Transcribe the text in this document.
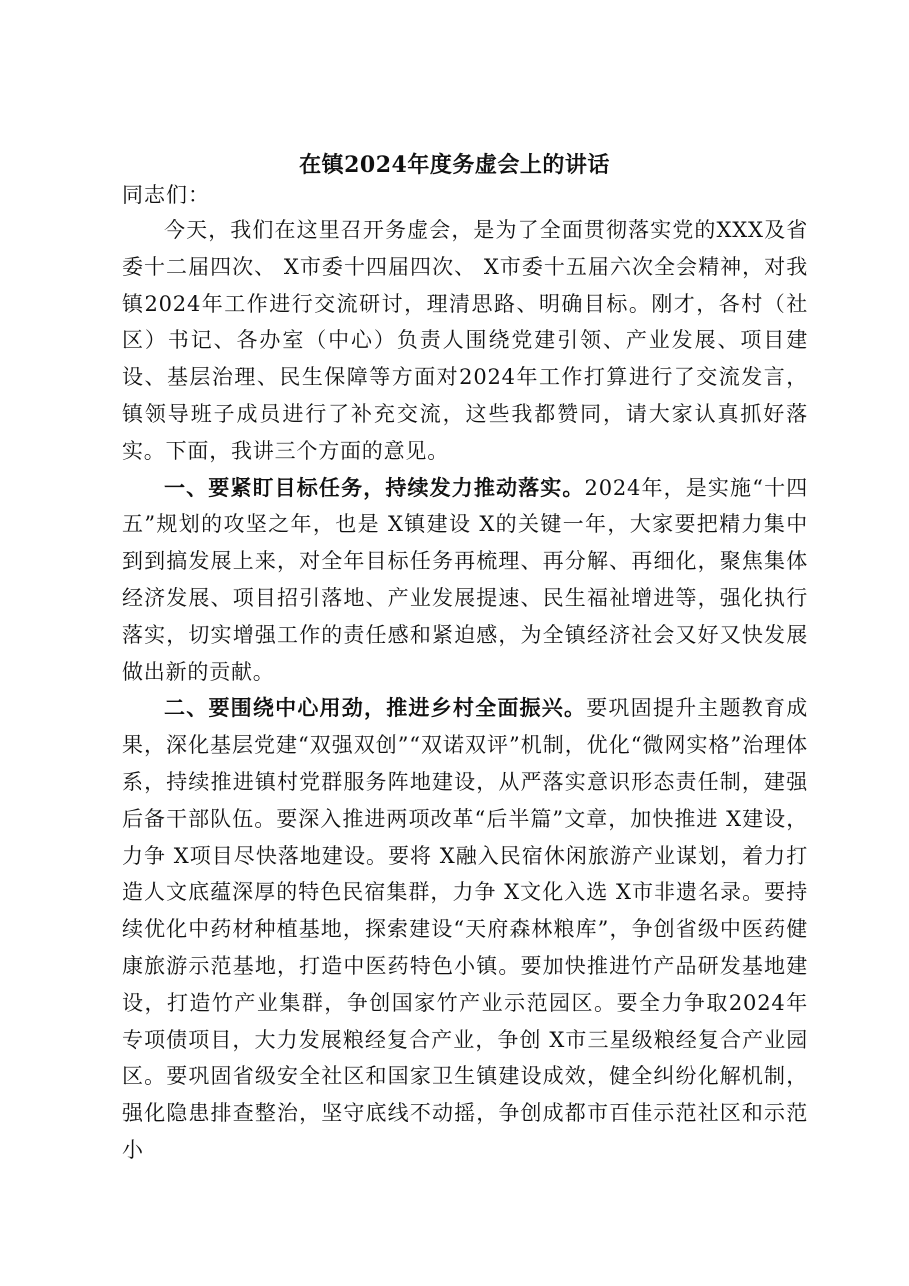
在镇2024年度务虚会上的讲话
同志们：

今天，我们在这里召开务虚会，是为了全面贯彻落实党的XXX及省委十二届四次、 X市委十四届四次、 X市委十五届六次全会精神，对我镇2024年工作进行交流研讨，理清思路、明确目标。刚才，各村（社区）书记、各办室（中心）负责人围绕党建引领、产业发展、项目建设、基层治理、民生保障等方面对2024年工作打算进行了交流发言，镇领导班子成员进行了补充交流，这些我都赞同，请大家认真抓好落实。下面，我讲三个方面的意见。

一、要紧盯目标任务，持续发力推动落实。2024年，是实施“十四五”规划的攻坚之年，也是 X镇建设 X的关键一年，大家要把精力集中到到搞发展上来，对全年目标任务再梳理、再分解、再细化，聚焦集体经济发展、项目招引落地、产业发展提速、民生福祉增进等，强化执行落实，切实增强工作的责任感和紧迫感，为全镇经济社会又好又快发展做出新的贡献。

二、要围绕中心用劲，推进乡村全面振兴。要巩固提升主题教育成果，深化基层党建“双强双创”“双诺双评”机制，优化“微网实格”治理体系，持续推进镇村党群服务阵地建设，从严落实意识形态责任制，建强后备干部队伍。要深入推进两项改革“后半篇”文章，加快推进 X建设，力争 X项目尽快落地建设。要将 X融入民宿休闲旅游产业谋划，着力打造人文底蕴深厚的特色民宿集群，力争 X文化入选 X市非遗名录。要持续优化中药材种植基地，探索建设“天府森林粮库”，争创省级中医药健康旅游示范基地，打造中医药特色小镇。要加快推进竹产品研发基地建设，打造竹产业集群，争创国家竹产业示范园区。要全力争取2024年专项债项目，大力发展粮经复合产业，争创 X市三星级粮经复合产业园区。要巩固省级安全社区和国家卫生镇建设成效，健全纠纷化解机制，强化隐患排查整治，坚守底线不动摇，争创成都市百佳示范社区和示范小
